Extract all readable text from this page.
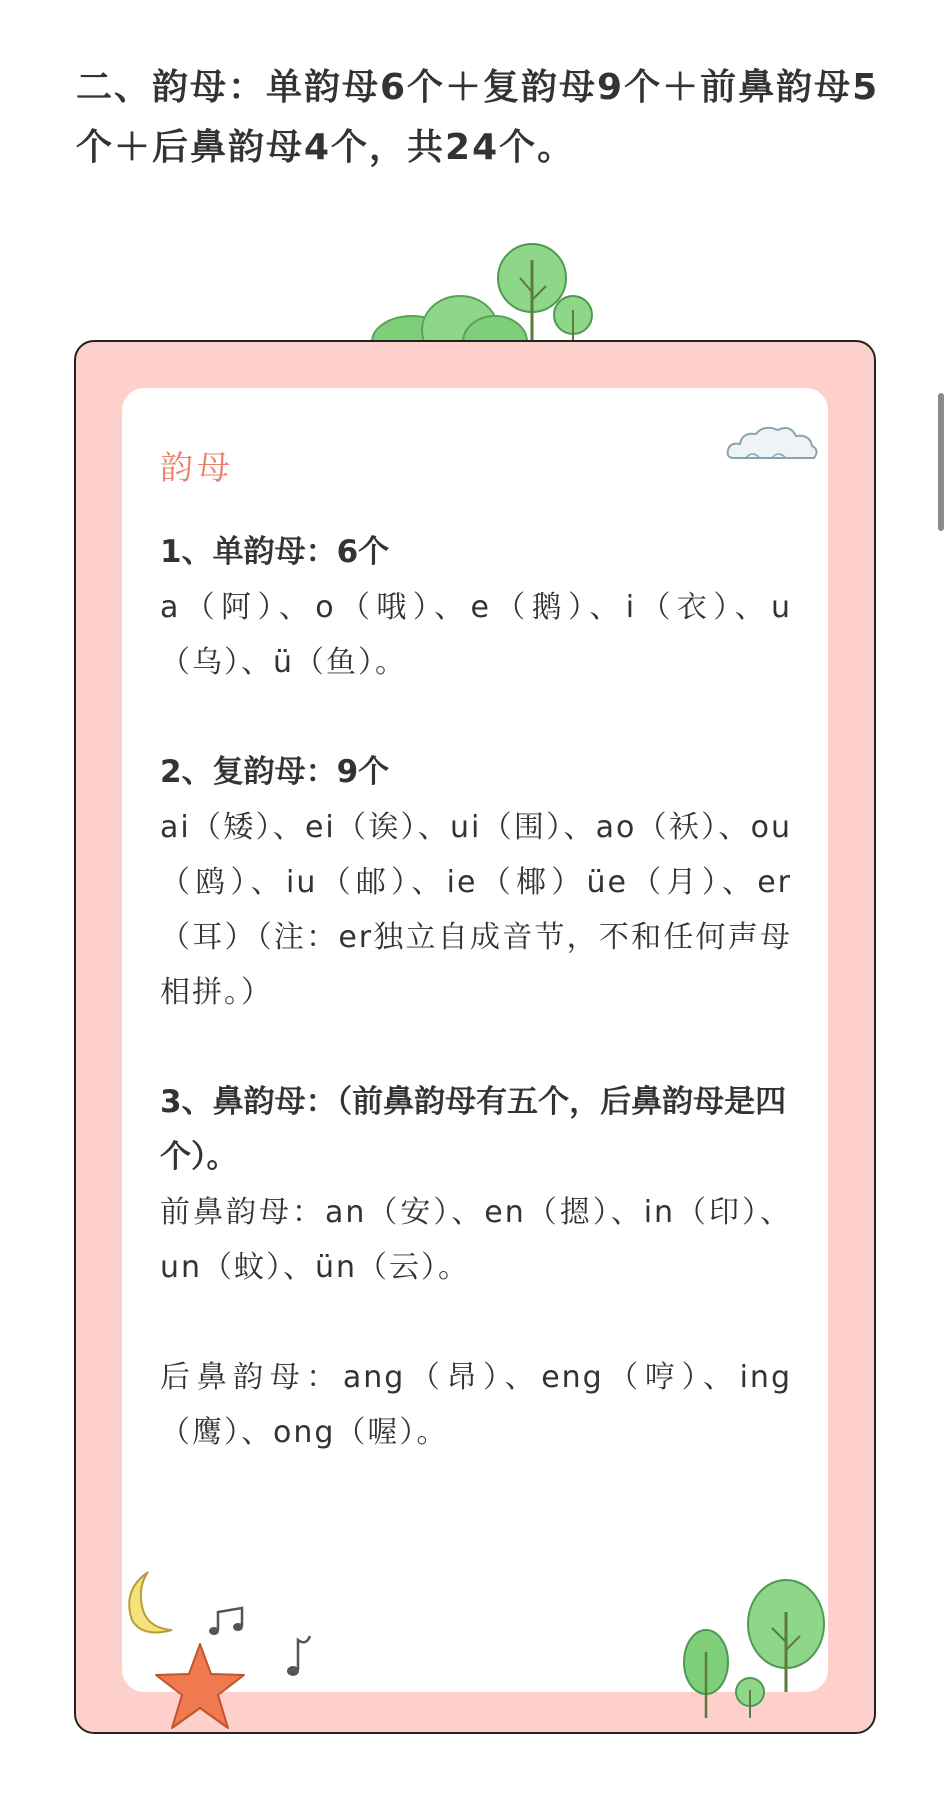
二、韵母：单韵母6个＋复韵母9个＋前鼻韵母5个＋后鼻韵母4个，共24个。
韵母
1、单韵母：6个
a（阿）、o（哦）、e（鹅）、i（衣）、u（乌）、ü（鱼）。
2、复韵母：9个
ai（矮）、ei（诶）、ui（围）、ao（袄）、ou（鸥）、iu（邮）、ie（椰）üe（月）、er（耳）（注：er独立自成音节，不和任何声母相拼。）
3、鼻韵母：（前鼻韵母有五个，后鼻韵母是四个）。
前鼻韵母：an（安）、en（摁）、in（印）、un（蚊）、ün（云）。
后鼻韵母：ang（昂）、eng（哼）、ing（鹰）、ong（喔）。
